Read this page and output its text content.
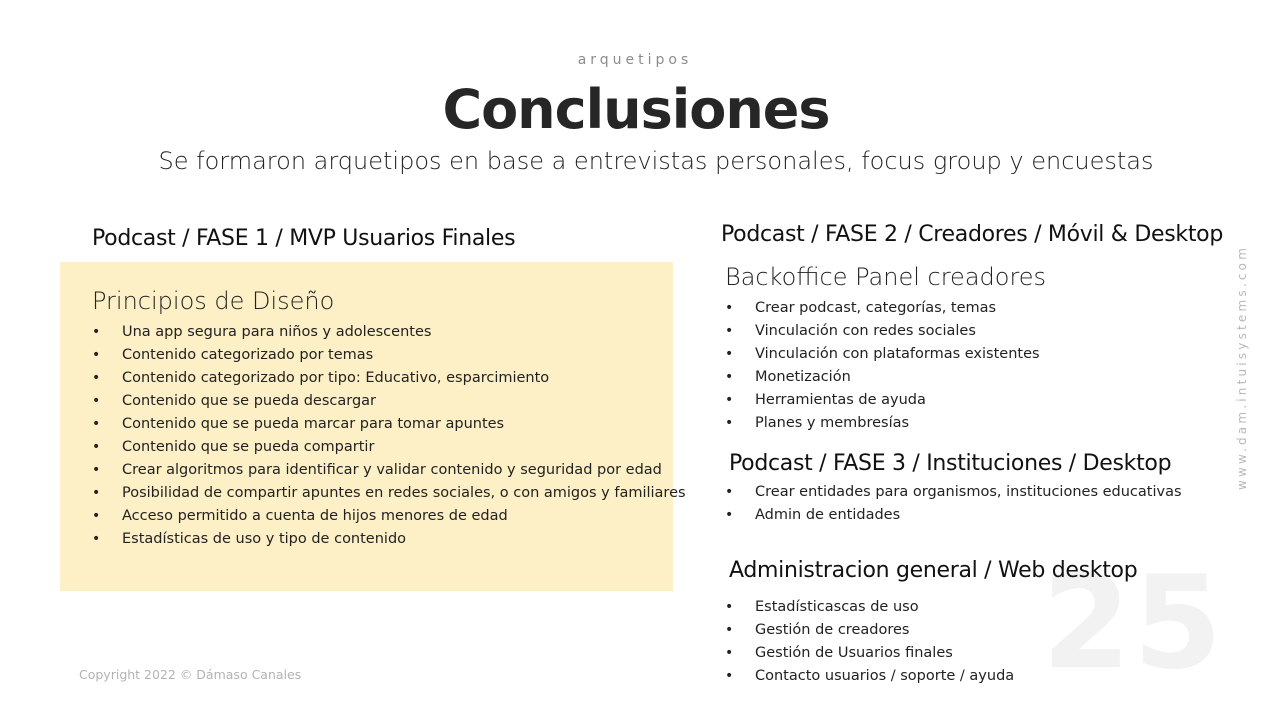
arquetipos
Conclusiones
Se formaron arquetipos en base a entrevistas personales, focus group y encuestas
Podcast / FASE 1 / MVP Usuarios Finales
Principios de Diseño
• Una app segura para niños y adolescentes
• Contenido categorizado por temas
• Contenido categorizado por tipo: Educativo, esparcimiento
• Contenido que se pueda descargar
• Contenido que se pueda marcar para tomar apuntes
• Contenido que se pueda compartir
• Crear algoritmos para identificar y validar contenido y seguridad por edad
• Posibilidad de compartir apuntes en redes sociales, o con amigos y familiares
• Acceso permitido a cuenta de hijos menores de edad
• Estadísticas de uso y tipo de contenido
Podcast / FASE 2 / Creadores / Móvil & Desktop
Backoffice Panel creadores
• Crear podcast, categorías, temas
• Vinculación con redes sociales
• Vinculación con plataformas existentes
• Monetización
• Herramientas de ayuda
• Planes y membresías
Podcast / FASE 3 / Instituciones / Desktop
• Crear entidades para organismos, instituciones educativas
• Admin de entidades
25
Administracion general / Web desktop
• Estadísticascas de uso
• Gestión de creadores
• Gestión de Usuarios finales
• Contacto usuarios / soporte / ayuda
www.dam.intuisystems.com
Copyright 2022 © Dámaso Canales
